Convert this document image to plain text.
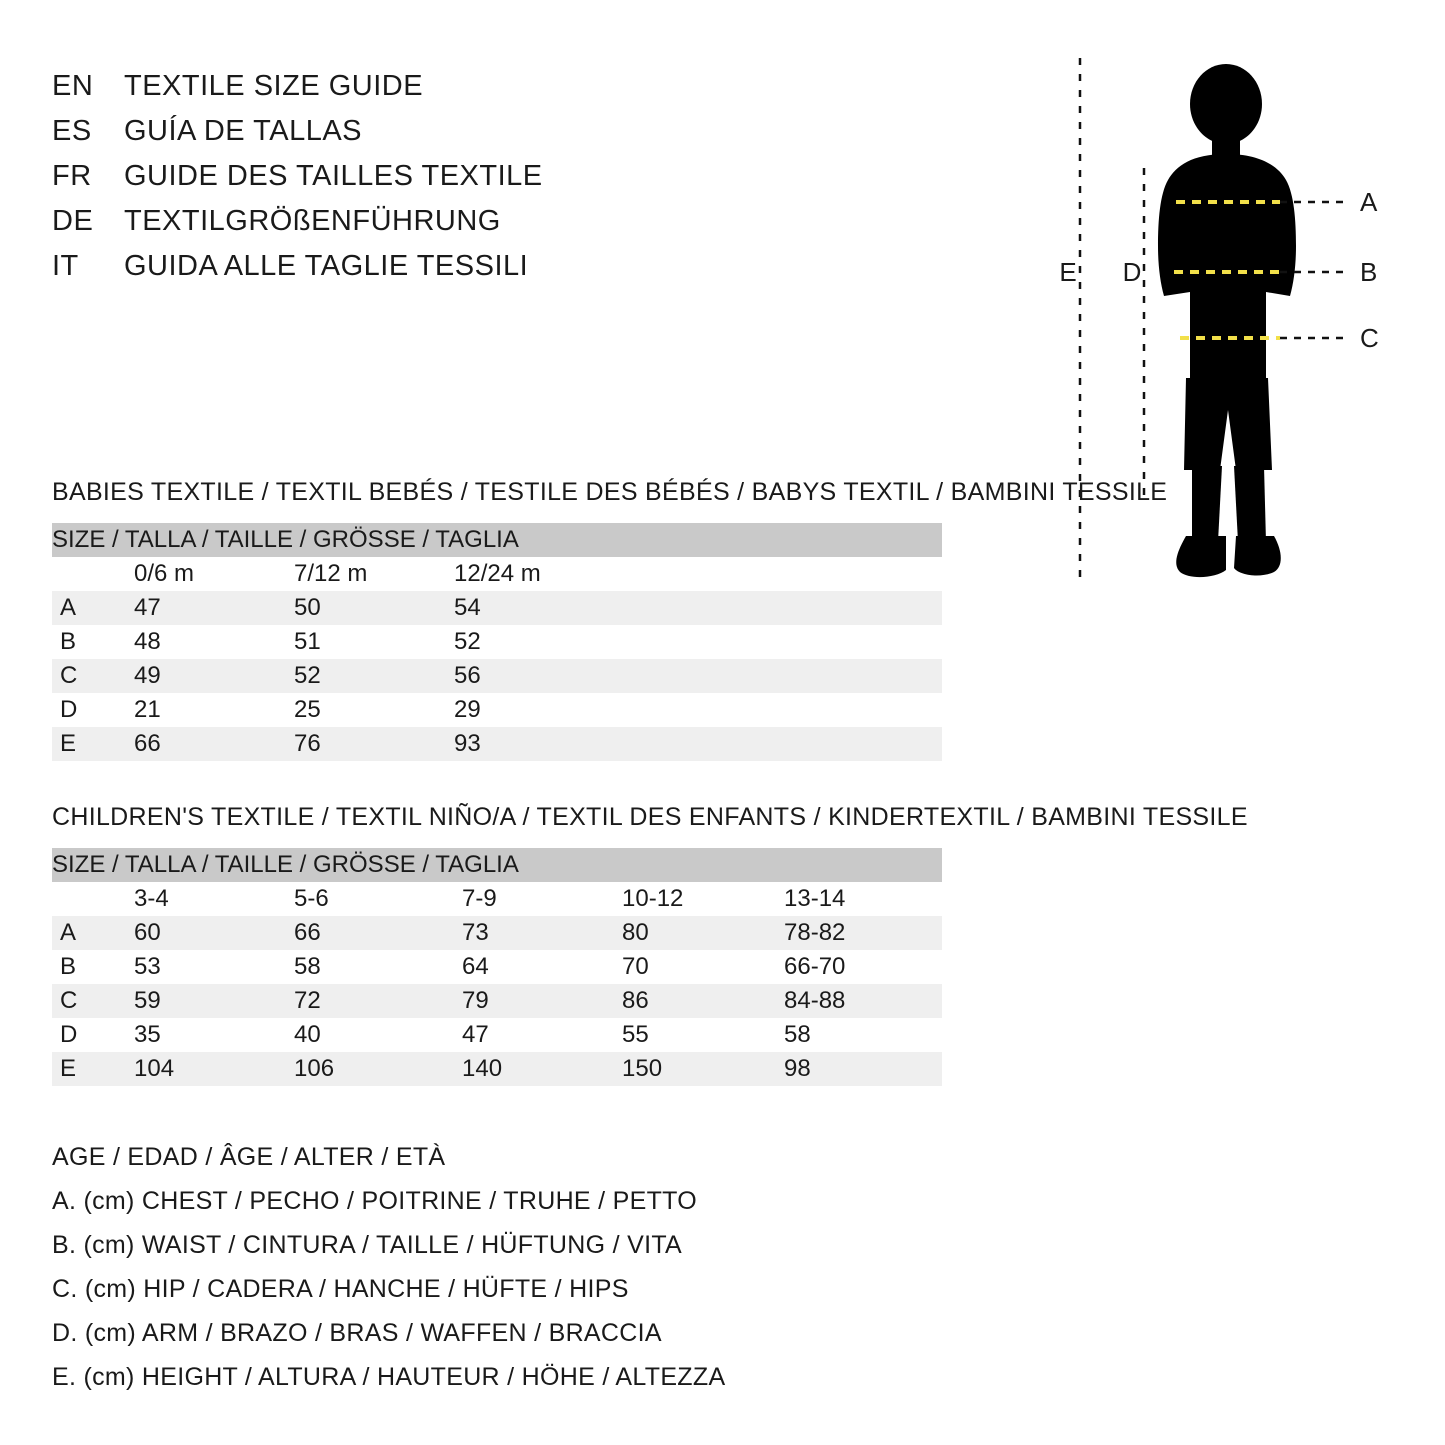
EN	TEXTILE SIZE GUIDE
ES	GUÍA DE TALLAS
FR	GUIDE DES TAILLES TEXTILE
DE	TEXTILGRÖßENFÜHRUNG
IT	GUIDA ALLE TAGLIE TESSILI
A
B
C
D
E
BABIES TEXTILE / TEXTIL BEBÉS / TESTILE DES BÉBÉS / BABYS TEXTIL / BAMBINI TESSILE
SIZE / TALLA / TAILLE / GRÖSSE / TAGLIA				
	0/6 m	7/12 m	12/24 m	
A	47	50	54	
B	48	51	52	
C	49	52	56	
D	21	25	29	
E	66	76	93	
CHILDREN'S TEXTILE / TEXTIL NIÑO/A / TEXTIL DES ENFANTS / KINDERTEXTIL / BAMBINI TESSILE
SIZE / TALLA / TAILLE / GRÖSSE / TAGLIA					
	3-4	5-6	7-9	10-12	13-14
A	60	66	73	80	78-82
B	53	58	64	70	66-70
C	59	72	79	86	84-88
D	35	40	47	55	58
E	104	106	140	150	98
AGE / EDAD / ÂGE / ALTER / ETÀ
A. (cm) CHEST / PECHO / POITRINE / TRUHE / PETTO
B. (cm) WAIST / CINTURA / TAILLE / HÜFTUNG / VITA
C. (cm) HIP / CADERA / HANCHE / HÜFTE / HIPS
D. (cm) ARM / BRAZO / BRAS / WAFFEN / BRACCIA
E. (cm) HEIGHT / ALTURA / HAUTEUR / HÖHE / ALTEZZA
